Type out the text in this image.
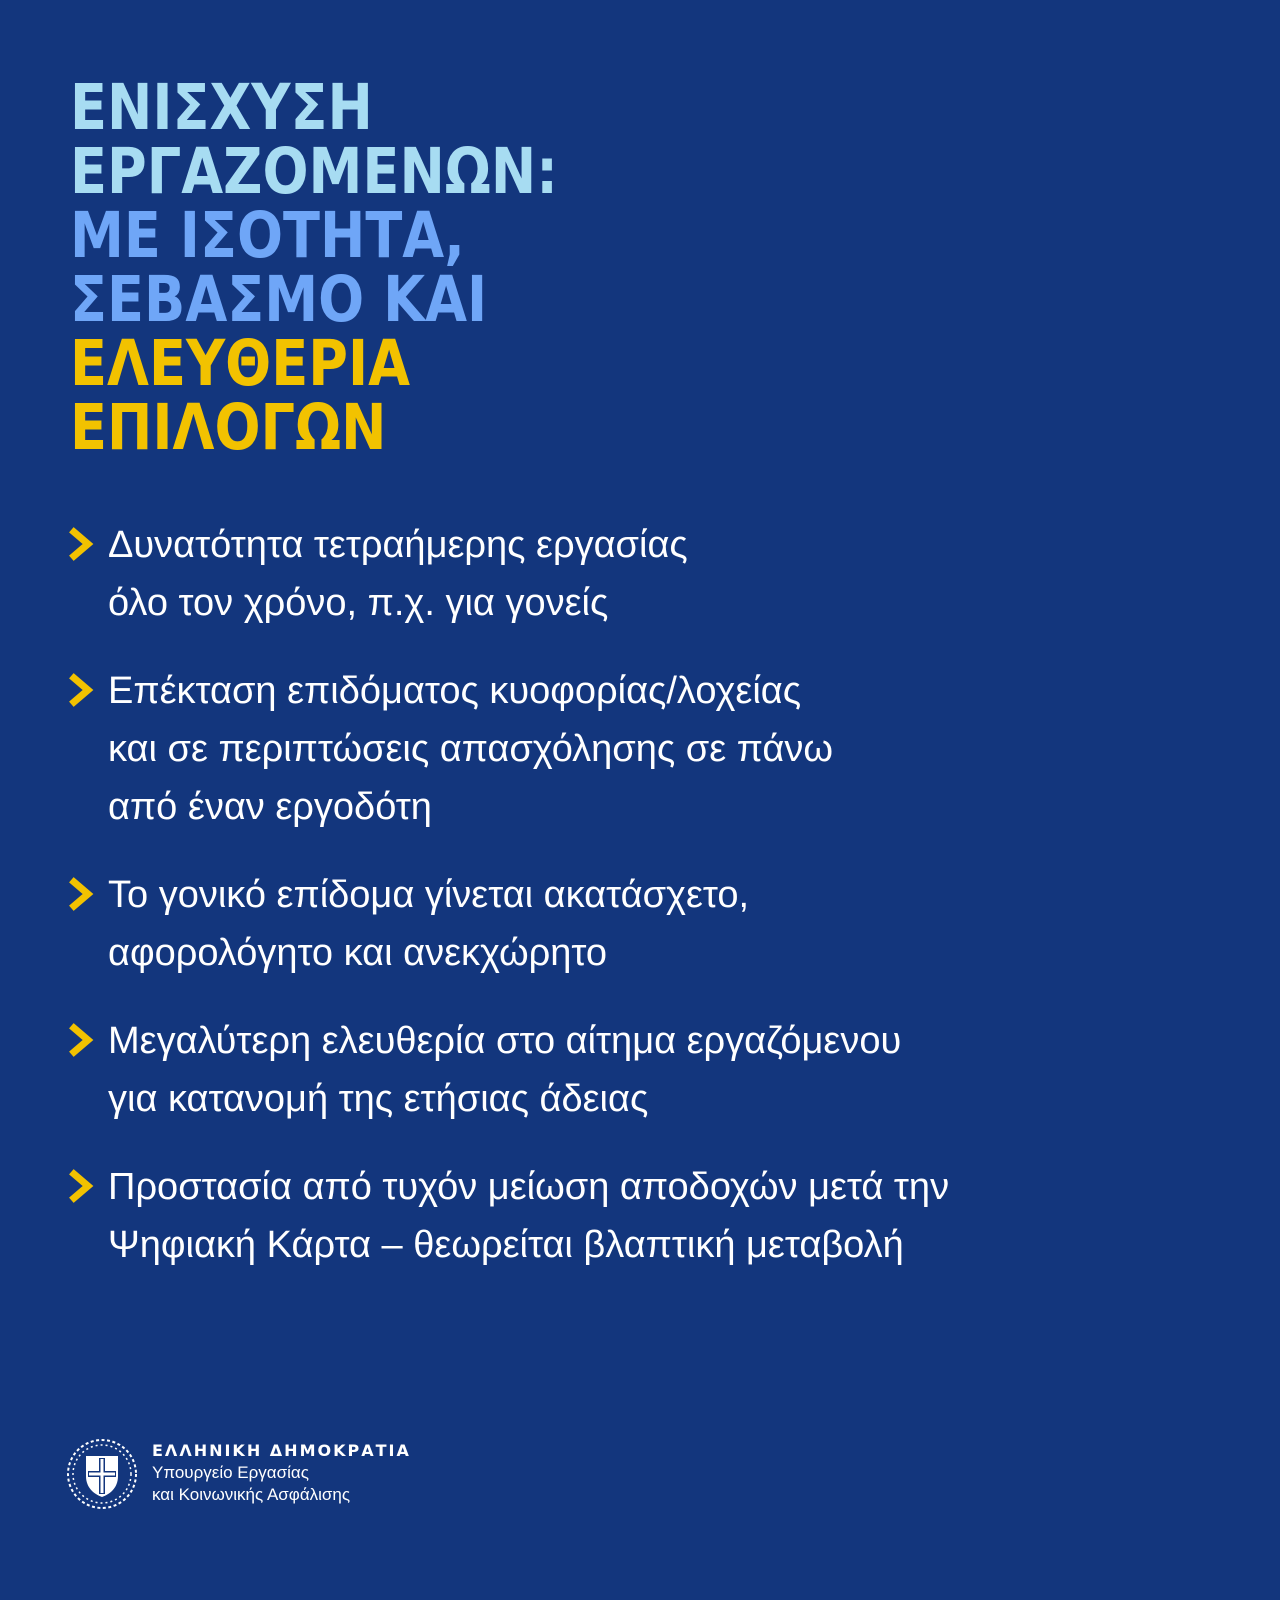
ΕΝΙΣΧΥΣΗ
ΕΡΓΑΖΟΜΕΝΩΝ:
ΜΕ ΙΣΟΤΗΤΑ,
ΣΕΒΑΣΜΟ ΚΑΙ
ΕΛΕΥΘΕΡΙΑ
ΕΠΙΛΟΓΩΝ
Δυνατότητα τετραήμερης εργασίας
όλο τον χρόνο, π.χ. για γονείς
Επέκταση επιδόματος κυοφορίας/λοχείας
και σε περιπτώσεις απασχόλησης σε πάνω
από έναν εργοδότη
Το γονικό επίδομα γίνεται ακατάσχετο,
αφορολόγητο και ανεκχώρητο
Μεγαλύτερη ελευθερία στο αίτημα εργαζόμενου
για κατανομή της ετήσιας άδειας
Προστασία από τυχόν μείωση αποδοχών μετά την
Ψηφιακή Κάρτα – θεωρείται βλαπτική μεταβολή
ΕΛΛΗΝΙΚΗ ΔΗΜΟΚΡΑΤΙΑ
Υπουργείο Εργασίας
και Κοινωνικής Ασφάλισης
